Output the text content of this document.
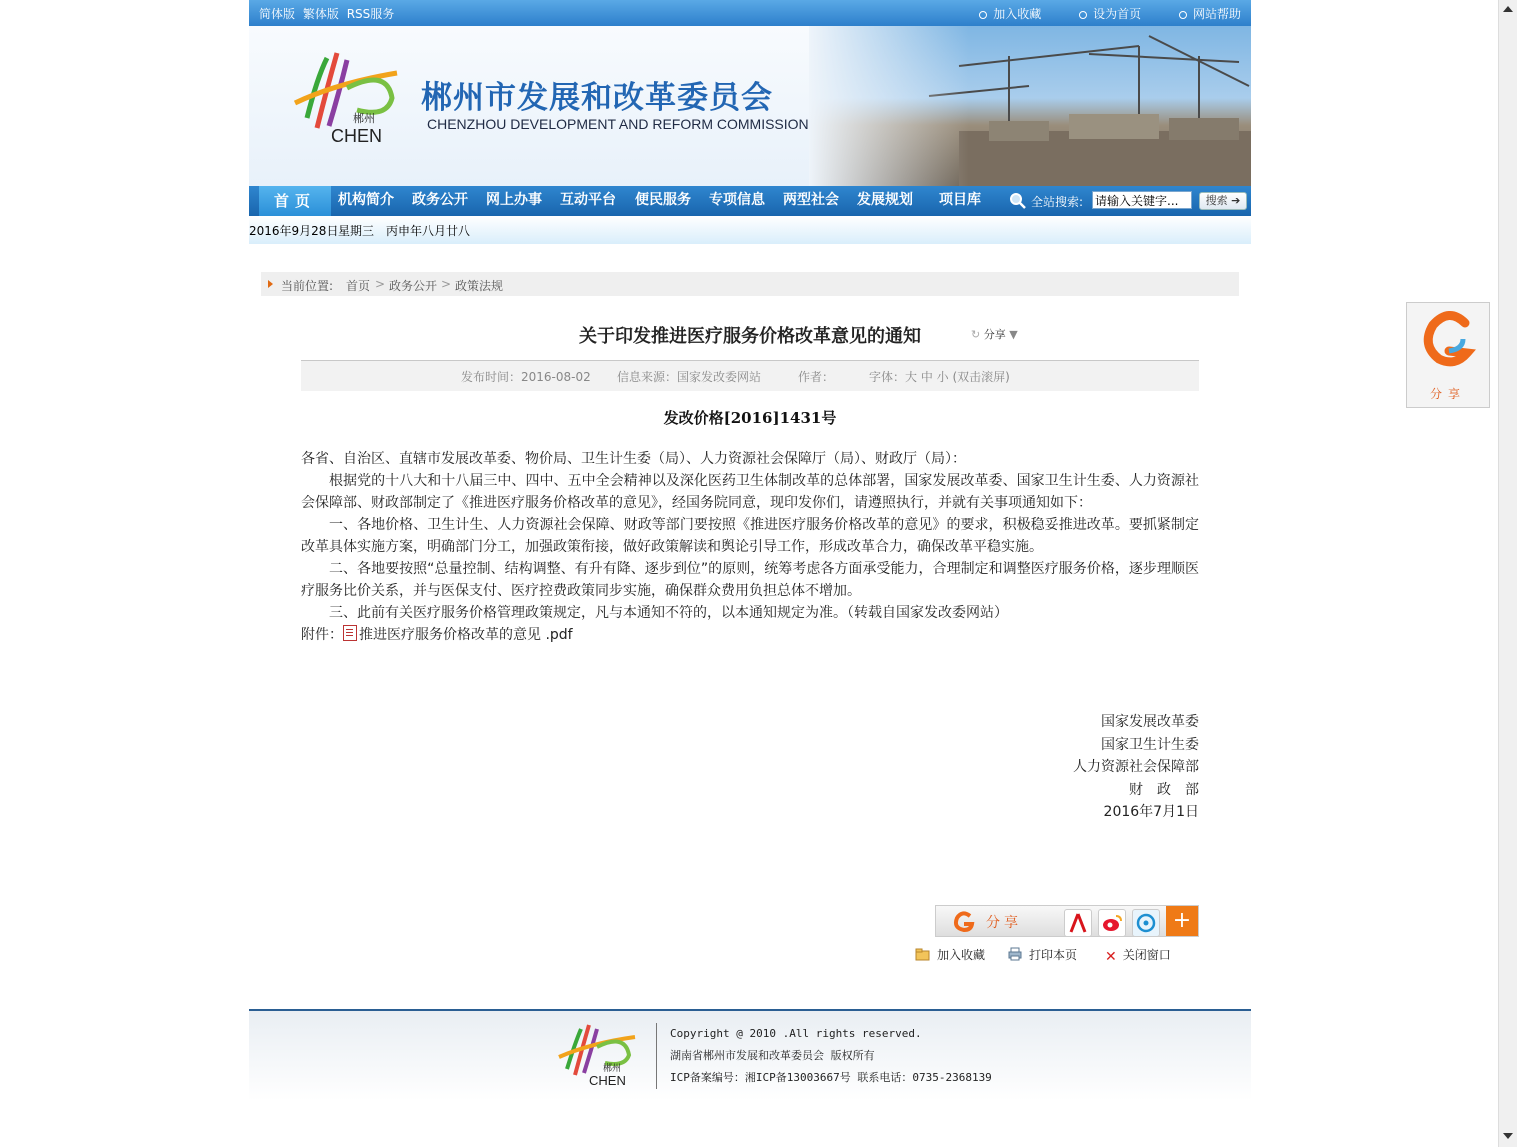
简体版 繁体版 RSS服务	加入收藏	设为首页	网站帮助
郴州
CHEN
郴州市发展和改革委员会
CHENZHOU DEVELOPMENT AND REFORM COMMISSION
首页	机构简介 政务公开 网上办事 互动平台 便民服务 专项信息 两型社会 发展规划 项目库	全站搜索: 请输入关键字...	搜索 ➔
2016年9月28日 星期三 丙申年八月廿八
当前位置: 首页 > 政务公开 > 政策法规
关于印发推进医疗服务价格改革意见的通知	↻ 分享 ▼
发布时间：2016-08-02 信息来源：国家发改委网站	作者：	字体：大 中 小 (双击滚屏)
发改价格[2016]1431号

各省、自治区、直辖市发展改革委、物价局、卫生计生委（局）、人力资源社会保障厅（局）、财政厅（局）：

根据党的十八大和十八届三中、四中、五中全会精神以及深化医药卫生体制改革的总体部署，国家发展改革委、国家卫生计生委、人力资源社会保障部、财政部制定了《推进医疗服务价格改革的意见》，经国务院同意，现印发你们，请遵照执行，并就有关事项通知如下：

一、各地价格、卫生计生、人力资源社会保障、财政等部门要按照《推进医疗服务价格改革的意见》的要求，积极稳妥推进改革。要抓紧制定改革具体实施方案，明确部门分工，加强政策衔接，做好政策解读和舆论引导工作，形成改革合力，确保改革平稳实施。

二、各地要按照“总量控制、结构调整、有升有降、逐步到位”的原则，统筹考虑各方面承受能力，合理制定和调整医疗服务价格，逐步理顺医疗服务比价关系，并与医保支付、医疗控费政策同步实施，确保群众费用负担总体不增加。

三、此前有关医疗服务价格管理政策规定，凡与本通知不符的，以本通知规定为准。（转载自国家发改委网站）

附件： 推进医疗服务价格改革的意见 .pdf

国家发展改革委
国家卫生计生委
人力资源社会保障部
财　政　部
2016年7月1日
分享	+
加入收藏	打印本页 ✕ 关闭窗口
郴州
CHEN
Copyright @ 2010 .All rights reserved.
湖南省郴州市发展和改革委员会 版权所有
ICP备案编号：湘ICP备13003667号 联系电话：0735-2368139
分享
